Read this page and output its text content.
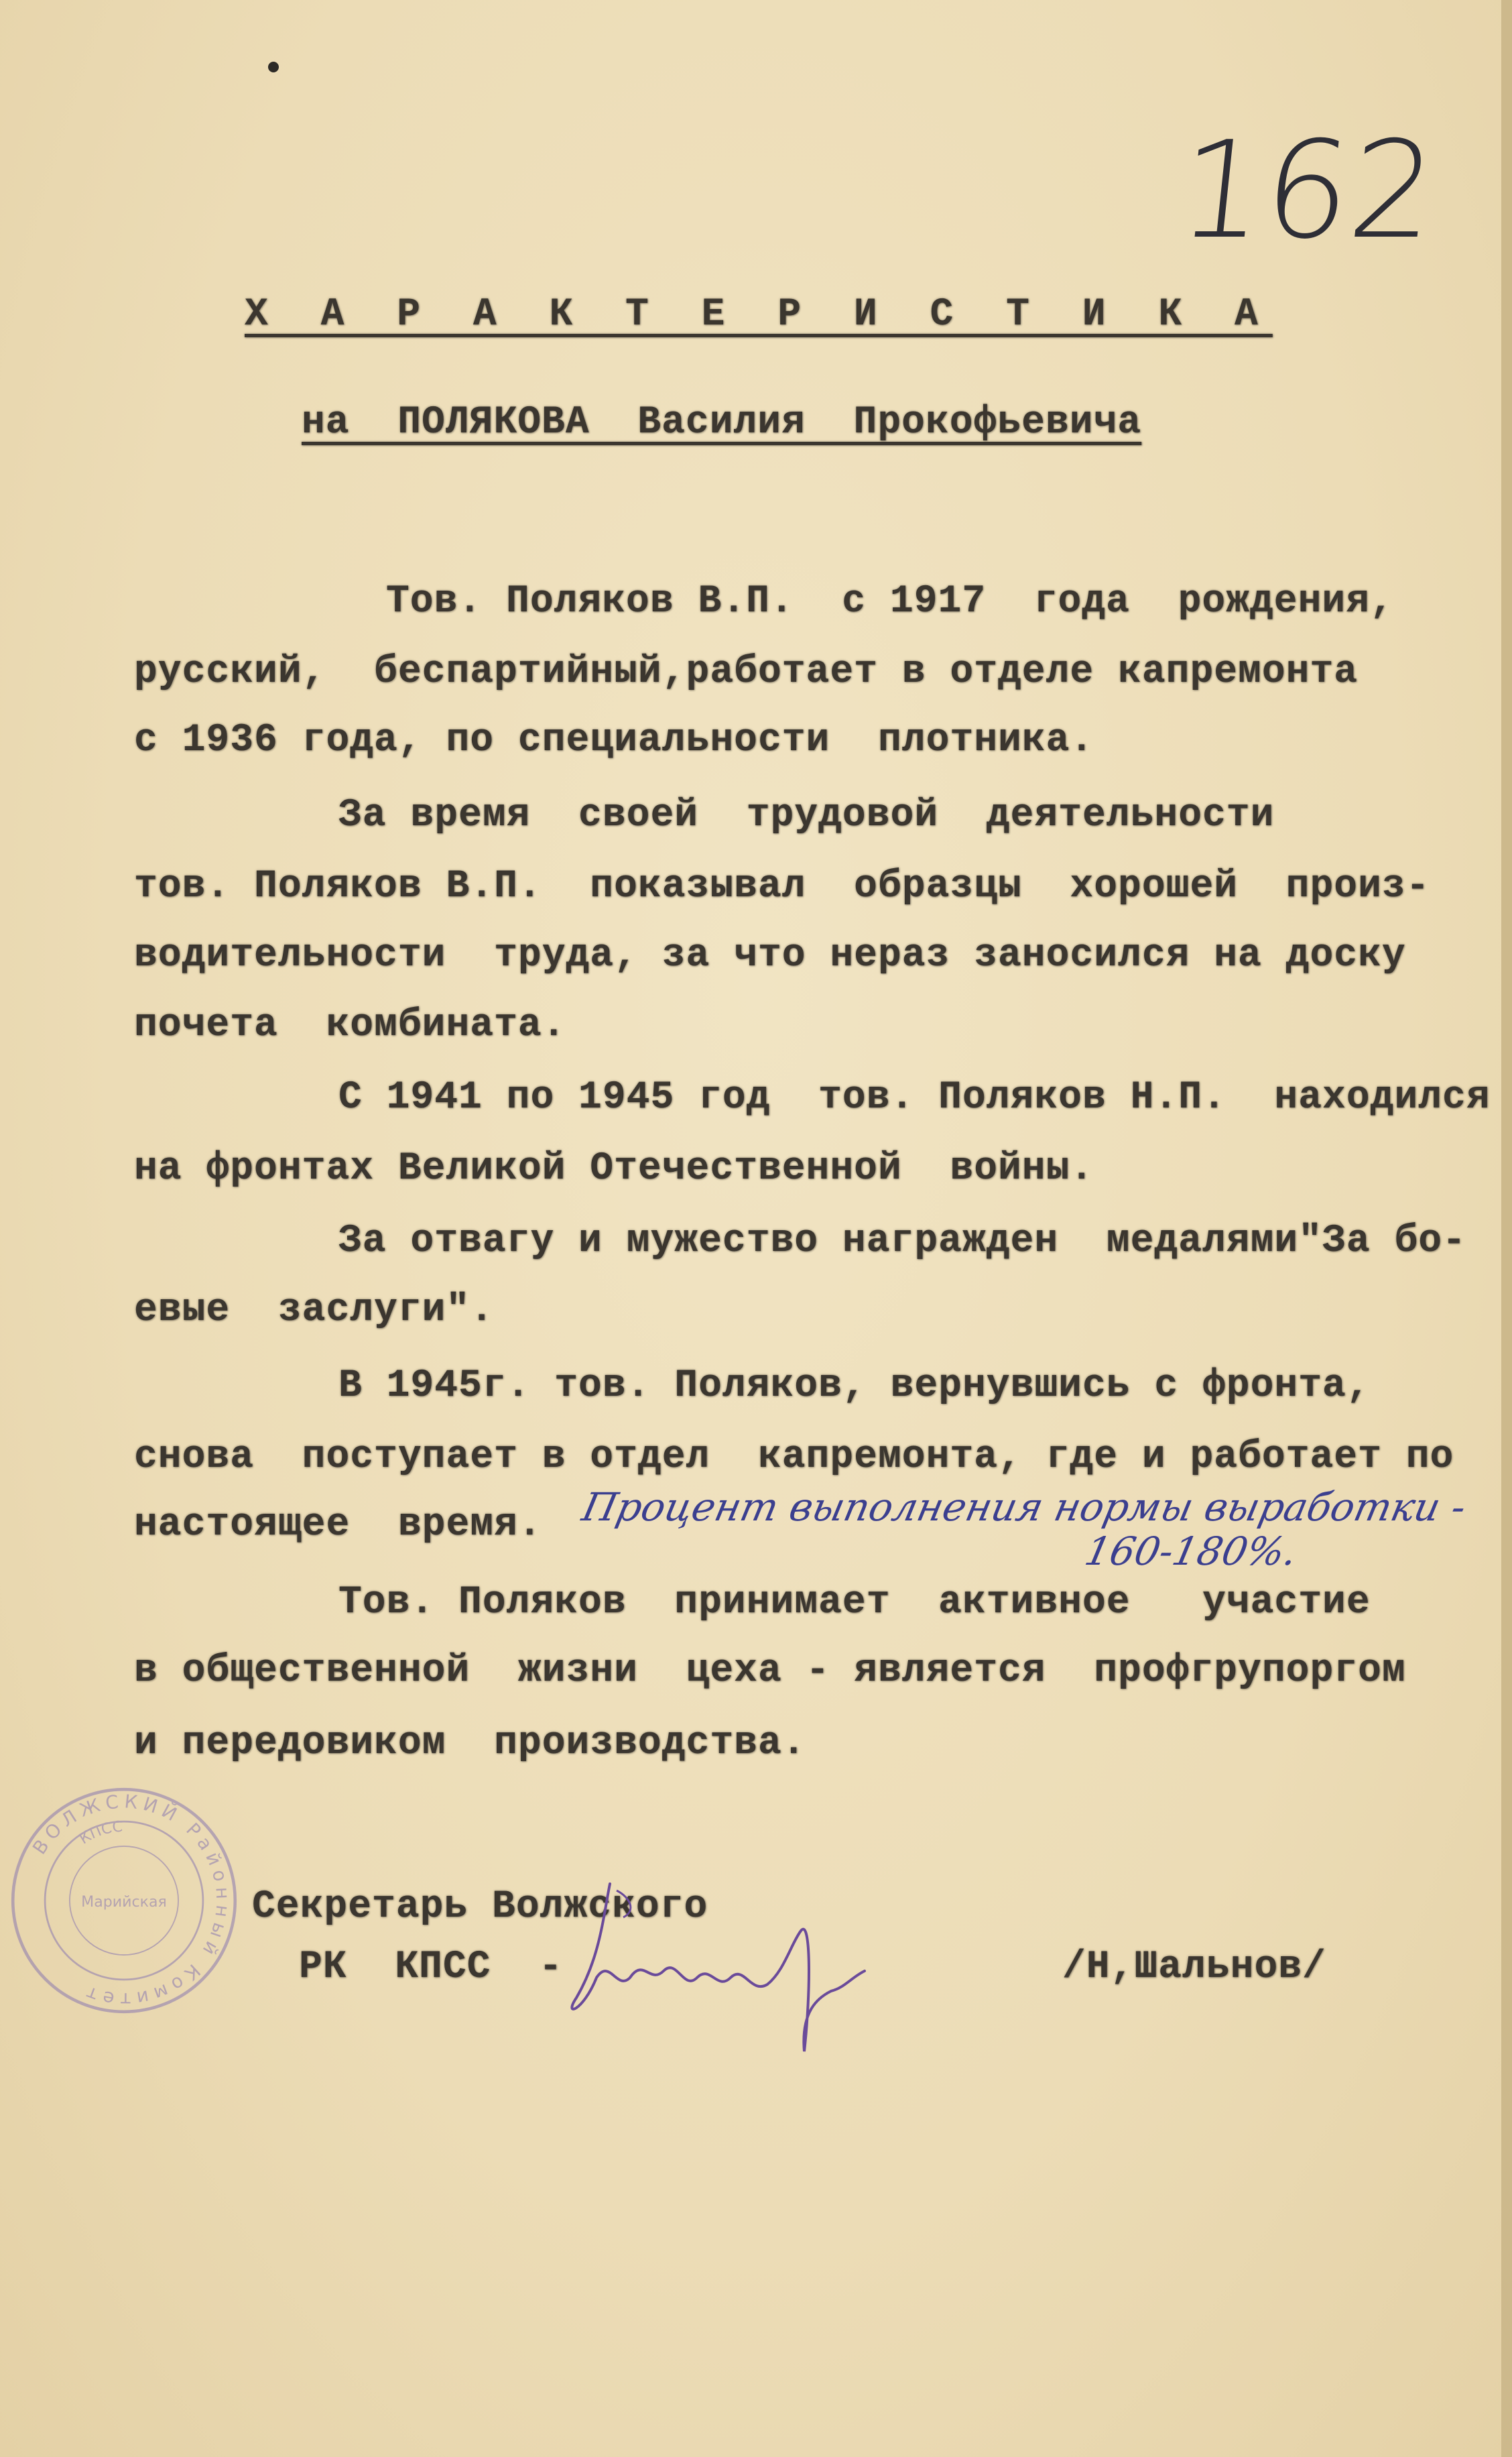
162
Х А Р А К Т Е Р И С Т И К А
на  ПОЛЯКОВА  Василия  Прокофьевича
Тов. Поляков В.П.  с 1917  года  рождения,
русский,  беспартийный,работает в отделе капремонта
с 1936 года, по специальности  плотника.
За время  своей  трудовой  деятельности
тов. Поляков В.П.  показывал  образцы  хорошей  произ-
водительности  труда, за что нераз заносился на доску
почета  комбината.
С 1941 по 1945 год  тов. Поляков Н.П.  находился
на фронтах Великой Отечественной  войны.
За отвагу и мужество награжден  медалями"За бо-
евые  заслуги".
В 1945г. тов. Поляков, вернувшись с фронта,
снова  поступает в отдел  капремонта, где и работает по
настоящее  время.
Тов. Поляков  принимает  активное   участие
в общественной  жизни  цеха - является  профгрупоргом
и передовиком  производства.
Процент выполнения нормы выработки -
160-180%.
ВОЛЖСКИЙ Районный Комитет
КПСС
Марийская Секретарь Волжского
РК  КПСС  -	/Н,Шальнов/
